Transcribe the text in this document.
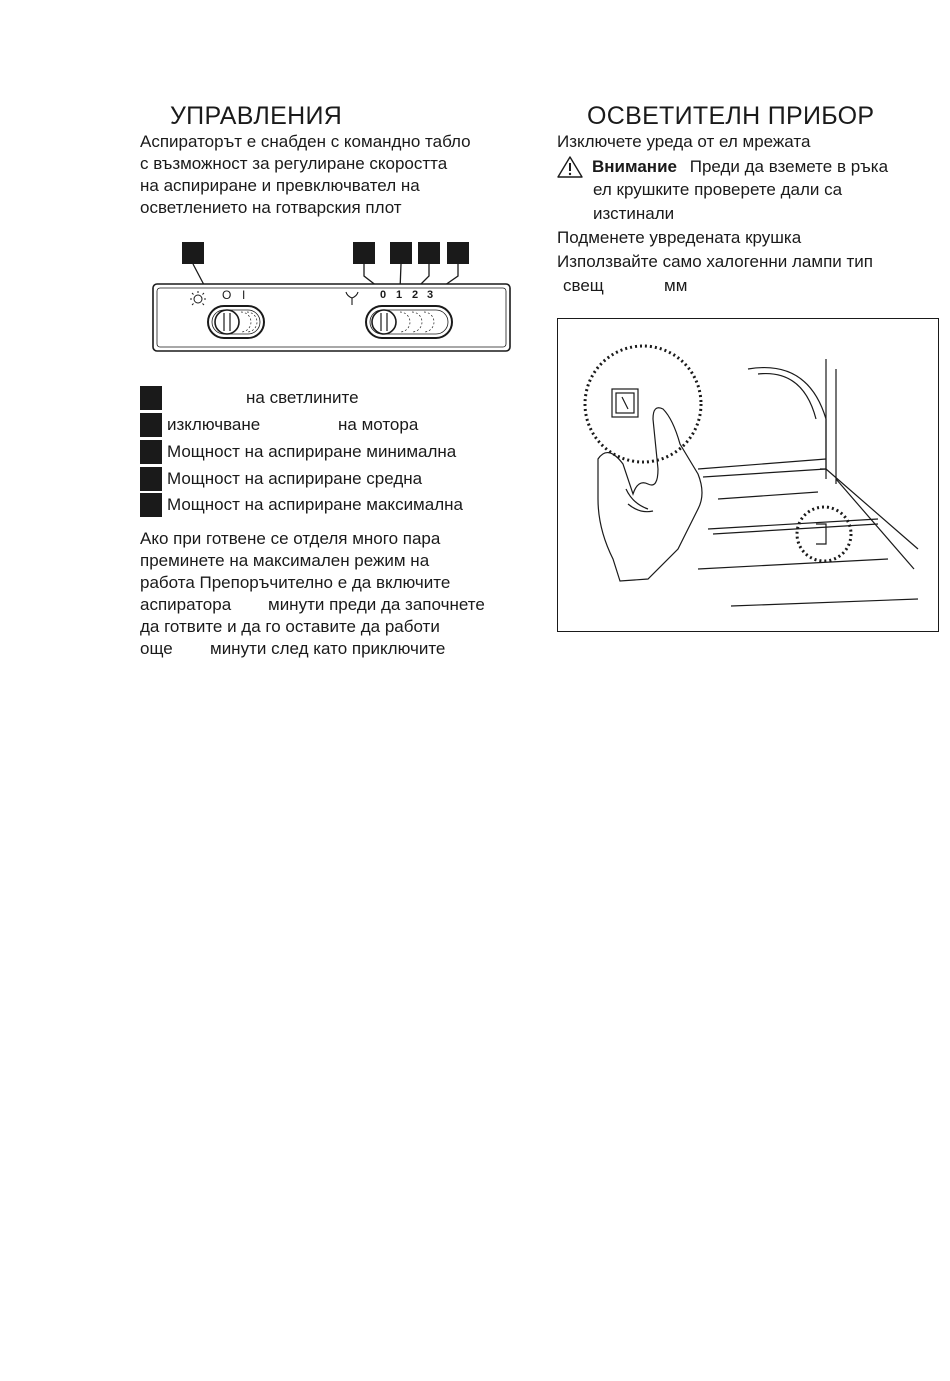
УПРАВЛЕНИЯ
Аспираторът е снабден с командно табло
с възможност за регулиране скоростта
на аспириране и превключвател на
осветлението на готварския плот
O I	0 1 2 3
на светлините
изключване	на мотора
Мощност на аспириране минимална
Мощност на аспириране средна
Мощност на аспириране максимална
Ако при готвене се отделя много пара
преминете на максимален режим на
работа Препоръчително е да включите
аспиратора минути преди да започнете
да готвите и да го оставите да работи
още минути след като приключите
ОСВЕТИТЕЛН ПРИБОР
Изключете уреда от ел мрежата
Внимание Преди да вземете в ръка
ел крушките проверете дали са
изстинали
Подменете увредената крушка
Използвайте само халогенни лампи тип
свещ	мм
